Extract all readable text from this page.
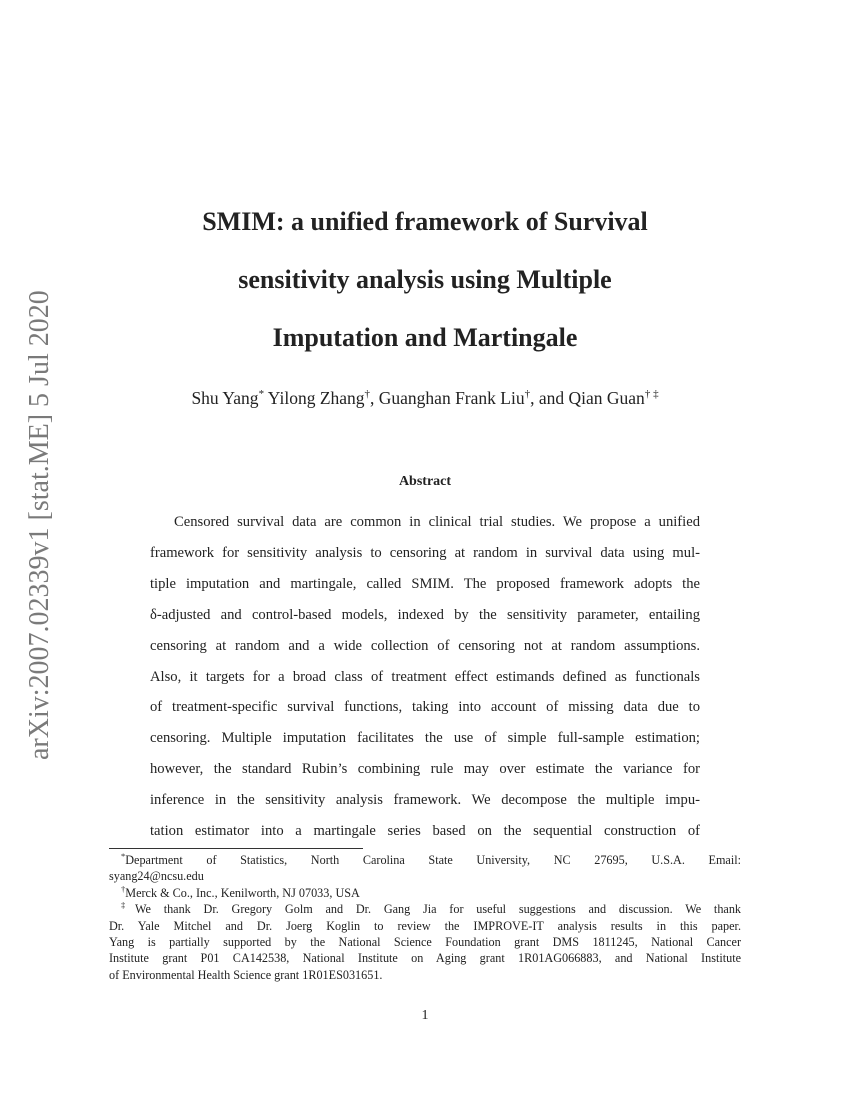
arXiv:2007.02339v1 [stat.ME] 5 Jul 2020
SMIM: a unified framework of Survival
sensitivity analysis using Multiple
Imputation and Martingale
Shu Yang* Yilong Zhang†, Guanghan Frank Liu†, and Qian Guan† ‡
Abstract
Censored survival data are common in clinical trial studies. We propose a unified
framework for sensitivity analysis to censoring at random in survival data using mul-
tiple imputation and martingale, called SMIM. The proposed framework adopts the
δ-adjusted and control-based models, indexed by the sensitivity parameter, entailing
censoring at random and a wide collection of censoring not at random assumptions.
Also, it targets for a broad class of treatment effect estimands defined as functionals
of treatment-specific survival functions, taking into account of missing data due to
censoring. Multiple imputation facilitates the use of simple full-sample estimation;
however, the standard Rubin’s combining rule may over estimate the variance for
inference in the sensitivity analysis framework. We decompose the multiple impu-
tation estimator into a martingale series based on the sequential construction of
*Department of Statistics, North Carolina State University, NC 27695, U.S.A. Email:
syang24@ncsu.edu
†Merck & Co., Inc., Kenilworth, NJ 07033, USA
‡We thank Dr. Gregory Golm and Dr. Gang Jia for useful suggestions and discussion. We thank
Dr. Yale Mitchel and Dr. Joerg Koglin to review the IMPROVE-IT analysis results in this paper.
Yang is partially supported by the National Science Foundation grant DMS 1811245, National Cancer
Institute grant P01 CA142538, National Institute on Aging grant 1R01AG066883, and National Institute
of Environmental Health Science grant 1R01ES031651.
1
